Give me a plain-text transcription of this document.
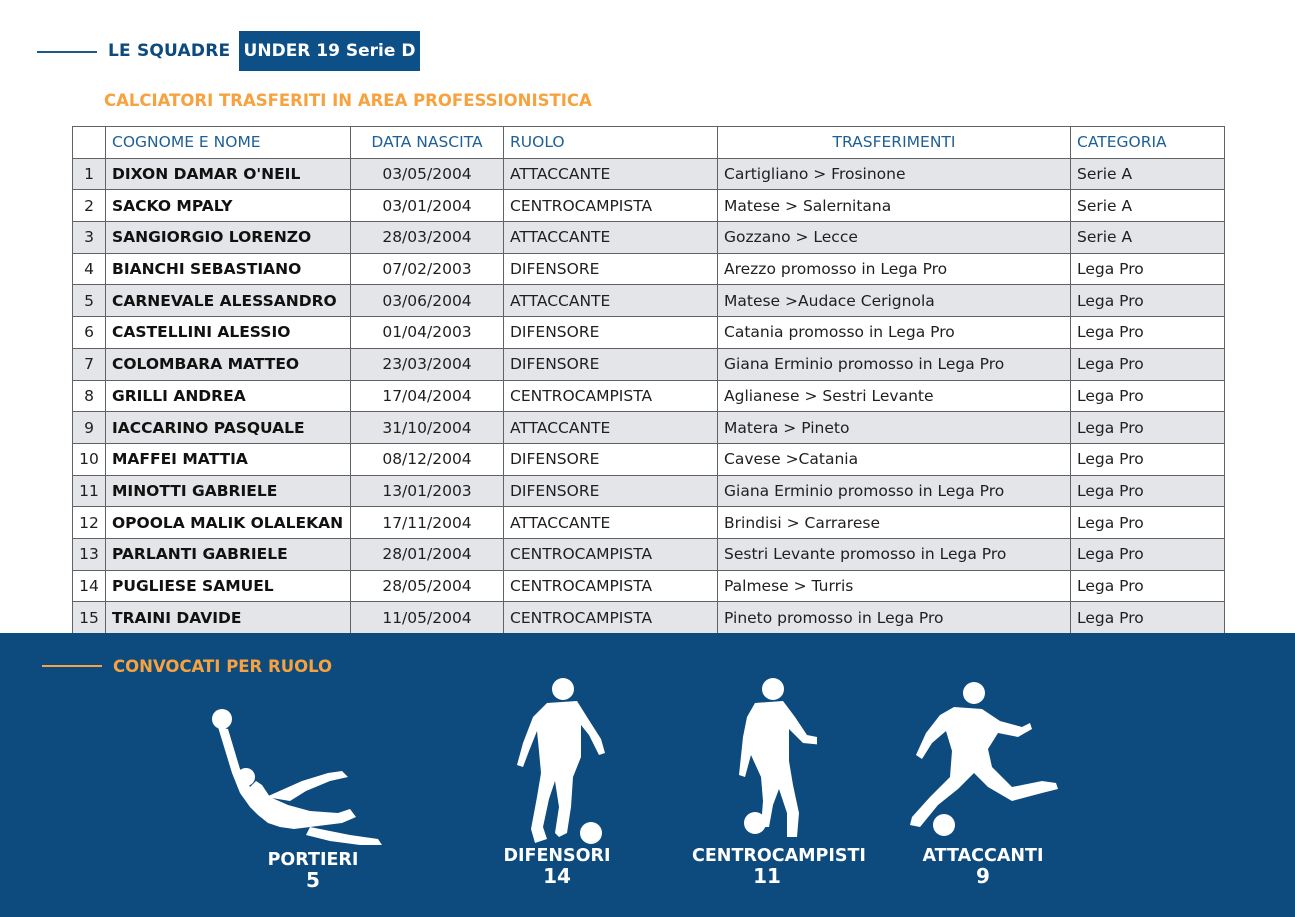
LE SQUADRE UNDER 19 Serie D
CALCIATORI TRASFERITI IN AREA PROFESSIONISTICA
	COGNOME E NOME	DATA NASCITA	RUOLO	TRASFERIMENTI	CATEGORIA
1	DIXON DAMAR O'NEIL	03/05/2004	ATTACCANTE	Cartigliano > Frosinone	Serie A
2	SACKO MPALY	03/01/2004	CENTROCAMPISTA	Matese > Salernitana	Serie A
3	SANGIORGIO LORENZO	28/03/2004	ATTACCANTE	Gozzano > Lecce	Serie A
4	BIANCHI SEBASTIANO	07/02/2003	DIFENSORE	Arezzo promosso in Lega Pro	Lega Pro
5	CARNEVALE ALESSANDRO	03/06/2004	ATTACCANTE	Matese >Audace Cerignola	Lega Pro
6	CASTELLINI ALESSIO	01/04/2003	DIFENSORE	Catania promosso in Lega Pro	Lega Pro
7	COLOMBARA MATTEO	23/03/2004	DIFENSORE	Giana Erminio promosso in Lega Pro	Lega Pro
8	GRILLI ANDREA	17/04/2004	CENTROCAMPISTA	Aglianese > Sestri Levante	Lega Pro
9	IACCARINO PASQUALE	31/10/2004	ATTACCANTE	Matera > Pineto	Lega Pro
10	MAFFEI MATTIA	08/12/2004	DIFENSORE	Cavese >Catania	Lega Pro
11	MINOTTI GABRIELE	13/01/2003	DIFENSORE	Giana Erminio promosso in Lega Pro	Lega Pro
12	OPOOLA MALIK OLALEKAN	17/11/2004	ATTACCANTE	Brindisi > Carrarese	Lega Pro
13	PARLANTI GABRIELE	28/01/2004	CENTROCAMPISTA	Sestri Levante promosso in Lega Pro	Lega Pro
14	PUGLIESE SAMUEL	28/05/2004	CENTROCAMPISTA	Palmese > Turris	Lega Pro
15	TRAINI DAVIDE	11/05/2004	CENTROCAMPISTA	Pineto promosso in Lega Pro	Lega Pro
CONVOCATI PER RUOLO
PORTIERI
5
DIFENSORI
14
CENTROCAMPISTI
11
ATTACCANTI
9
